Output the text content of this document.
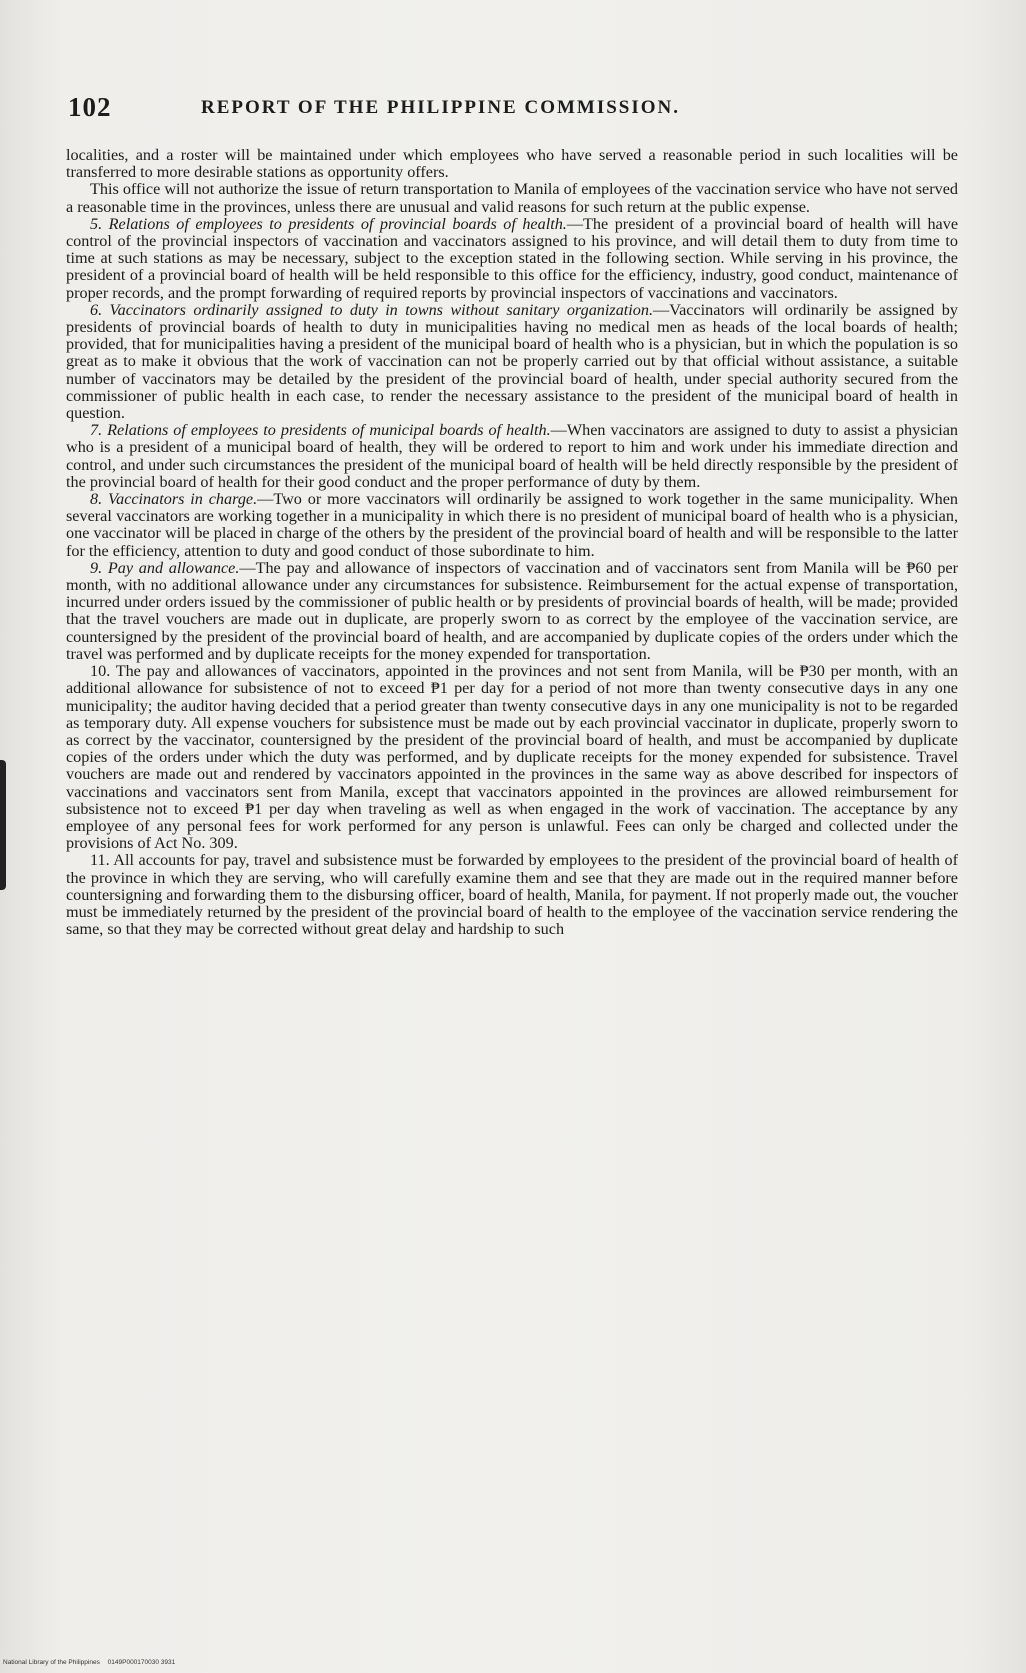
102	REPORT OF THE PHILIPPINE COMMISSION.

localities, and a roster will be maintained under which employees who have served a reasonable period in such localities will be transferred to more desirable stations as opportunity offers.

This office will not authorize the issue of return transportation to Manila of employees of the vaccination service who have not served a reasonable time in the provinces, unless there are unusual and valid reasons for such return at the public expense.

5. Relations of employees to presidents of provincial boards of health.—The president of a provincial board of health will have control of the provincial inspectors of vaccination and vaccinators assigned to his province, and will detail them to duty from time to time at such stations as may be necessary, subject to the exception stated in the following section. While serving in his province, the president of a provincial board of health will be held responsible to this office for the efficiency, industry, good conduct, maintenance of proper records, and the prompt forwarding of required reports by provincial inspectors of vaccinations and vaccinators.

6. Vaccinators ordinarily assigned to duty in towns without sanitary organization.—Vaccinators will ordinarily be assigned by presidents of provincial boards of health to duty in municipalities having no medical men as heads of the local boards of health; provided, that for municipalities having a president of the municipal board of health who is a physician, but in which the population is so great as to make it obvious that the work of vaccination can not be properly carried out by that official without assistance, a suitable number of vaccinators may be detailed by the president of the provincial board of health, under special authority secured from the commissioner of public health in each case, to render the necessary assistance to the president of the municipal board of health in question.

7. Relations of employees to presidents of municipal boards of health.—When vaccinators are assigned to duty to assist a physician who is a president of a municipal board of health, they will be ordered to report to him and work under his immediate direction and control, and under such circumstances the president of the municipal board of health will be held directly responsible by the president of the provincial board of health for their good conduct and the proper performance of duty by them.

8. Vaccinators in charge.—Two or more vaccinators will ordinarily be assigned to work together in the same municipality. When several vaccinators are working together in a municipality in which there is no president of municipal board of health who is a physician, one vaccinator will be placed in charge of the others by the president of the provincial board of health and will be responsible to the latter for the efficiency, attention to duty and good conduct of those subordinate to him.

9. Pay and allowance.—The pay and allowance of inspectors of vaccination and of vaccinators sent from Manila will be ₱60 per month, with no additional allowance under any circumstances for subsistence. Reimbursement for the actual expense of transportation, incurred under orders issued by the commissioner of public health or by presidents of provincial boards of health, will be made; provided that the travel vouchers are made out in duplicate, are properly sworn to as correct by the employee of the vaccination service, are countersigned by the president of the provincial board of health, and are accompanied by duplicate copies of the orders under which the travel was performed and by duplicate receipts for the money expended for transportation.

10. The pay and allowances of vaccinators, appointed in the provinces and not sent from Manila, will be ₱30 per month, with an additional allowance for subsistence of not to exceed ₱1 per day for a period of not more than twenty consecutive days in any one municipality; the auditor having decided that a period greater than twenty consecutive days in any one municipality is not to be regarded as temporary duty. All expense vouchers for subsistence must be made out by each provincial vaccinator in duplicate, properly sworn to as correct by the vaccinator, countersigned by the president of the provincial board of health, and must be accompanied by duplicate copies of the orders under which the duty was performed, and by duplicate receipts for the money expended for subsistence. Travel vouchers are made out and rendered by vaccinators appointed in the provinces in the same way as above described for inspectors of vaccinations and vaccinators sent from Manila, except that vaccinators appointed in the provinces are allowed reimbursement for subsistence not to exceed ₱1 per day when traveling as well as when engaged in the work of vaccination. The acceptance by any employee of any personal fees for work performed for any person is unlawful. Fees can only be charged and collected under the provisions of Act No. 309.

11. All accounts for pay, travel and subsistence must be forwarded by employees to the president of the provincial board of health of the province in which they are serving, who will carefully examine them and see that they are made out in the required manner before countersigning and forwarding them to the disbursing officer, board of health, Manila, for payment. If not properly made out, the voucher must be immediately returned by the president of the provincial board of health to the employee of the vaccination service rendering the same, so that they may be corrected without great delay and hardship to such

National Library of the Philippines 0149P000170030 3931
